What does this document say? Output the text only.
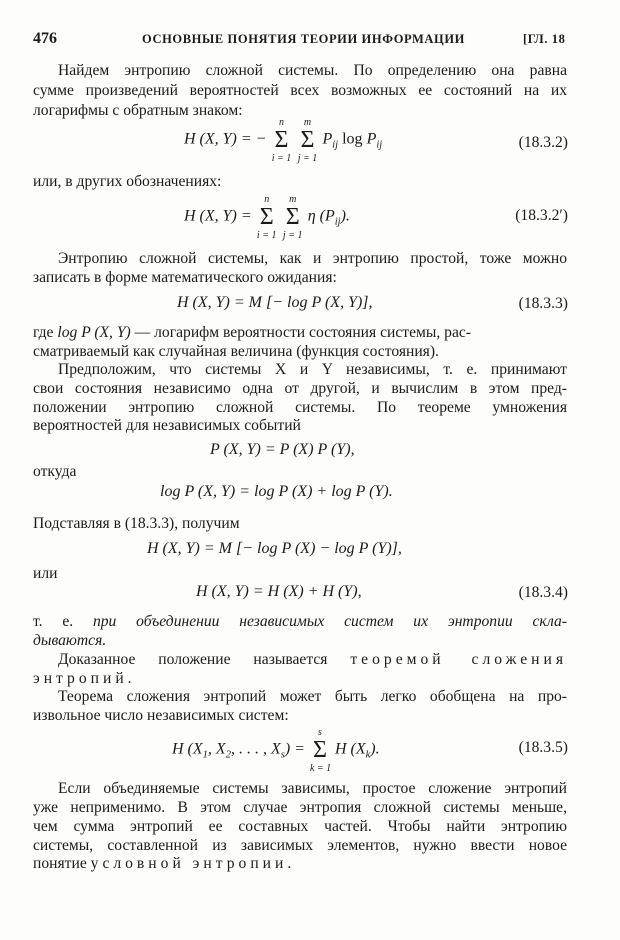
476	ОСНОВНЫЕ ПОНЯТИЯ ТЕОРИИ ИНФОРМАЦИИ	[ГЛ. 18
Найдем энтропию сложной системы. По определению она равна
сумме произведений вероятностей всех возможных ее состояний на их
логарифмы с обратным знаком:
H (X, Y) = −
n
Σ
i = 1

m
Σ
j = 1
$P_{ij}$ $\log P_{ij}$	(18.3.2)
или, в других обозначениях:
H (X, Y) =
n
Σ
i = 1

m
Σ
j = 1
η $(P_{ij})$.	(18.3.2′)
Энтропию сложной системы, как и энтропию простой, тоже можно
записать в форме математического ожидания:
H (X, Y) = M [− log P (X, Y)],	(18.3.3)
где log P (X, Y) — логарифм вероятности состояния системы, рас-
сматриваемый как случайная величина (функция состояния).
Предположим, что системы X и Y независимы, т. е. принимают
свои состояния независимо одна от другой, и вычислим в этом пред-
положении энтропию сложной системы. По теореме умножения
вероятностей для независимых событий
P (X, Y) = P (X) P (Y),
откуда
log P (X, Y) = log P (X) + log P (Y).
Подставляя в (18.3.3), получим
H (X, Y) = M [− log P (X) − log P (Y)],
или
H (X, Y) = H (X) + H (Y),	(18.3.4)
т. е. при объединении независимых систем их энтропии скла-
дываются.
Доказанное положение называется теоремой сложения
энтропий.
Теорема сложения энтропий может быть легко обобщена на про-
извольное число независимых систем:
H ($X_1$, $X_2$, . . . , $X_s$) =
s
Σ
k = 1
H $(X_k)$.	(18.3.5)
Если объединяемые системы зависимы, простое сложение энтропий
уже неприменимо. В этом случае энтропия сложной системы меньше,
чем сумма энтропий ее составных частей. Чтобы найти энтропию
системы, составленной из зависимых элементов, нужно ввести новое
понятие условной энтропии.
